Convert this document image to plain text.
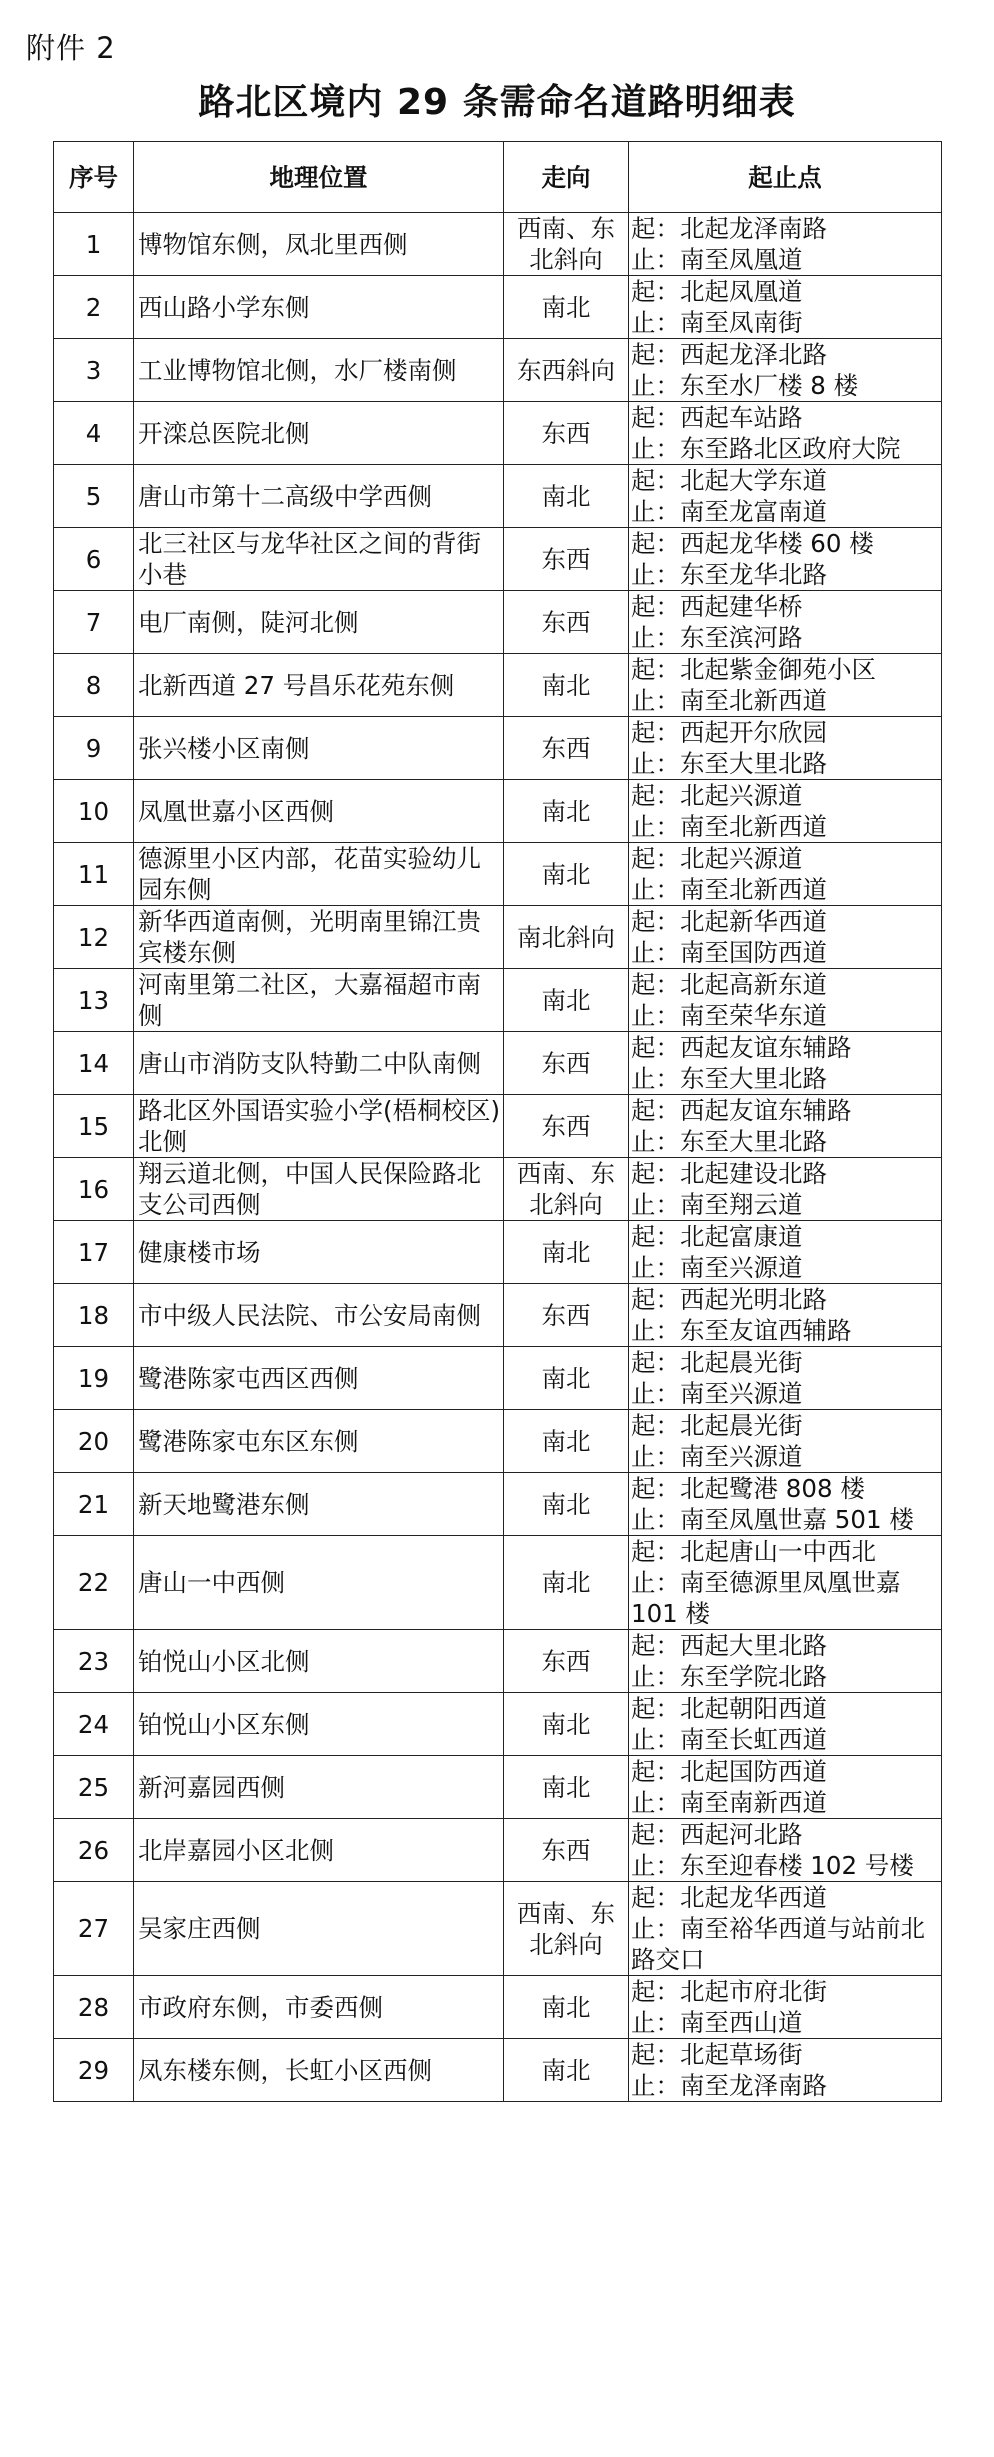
附件 2
路北区境内 29 条需命名道路明细表
序号	地理位置	走向	起止点
1	博物馆东侧，凤北里西侧	西南、东北斜向	起：北起龙泽南路
止：南至凤凰道

2	西山路小学东侧	南北	起：北起凤凰道
止：南至凤南街

3	工业博物馆北侧，水厂楼南侧	东西斜向	起：西起龙泽北路
止：东至水厂楼 8 楼

4	开滦总医院北侧	东西	起：西起车站路
止：东至路北区政府大院

5	唐山市第十二高级中学西侧	南北	起：北起大学东道
止：南至龙富南道

6	北三社区与龙华社区之间的背街小巷	东西	起：西起龙华楼 60 楼
止：东至龙华北路

7	电厂南侧，陡河北侧	东西	起：西起建华桥
止：东至滨河路

8	北新西道 27 号昌乐花苑东侧	南北	起：北起紫金御苑小区
止：南至北新西道

9	张兴楼小区南侧	东西	起：西起开尔欣园
止：东至大里北路

10	凤凰世嘉小区西侧	南北	起：北起兴源道
止：南至北新西道

11	德源里小区内部，花苗实验幼儿园东侧	南北	起：北起兴源道
止：南至北新西道

12	新华西道南侧，光明南里锦江贵宾楼东侧	南北斜向	起：北起新华西道
止：南至国防西道

13	河南里第二社区，大嘉福超市南侧	南北	起：北起高新东道
止：南至荣华东道

14	唐山市消防支队特勤二中队南侧	东西	起：西起友谊东辅路
止：东至大里北路

15	路北区外国语实验小学(梧桐校区)北侧	东西	起：西起友谊东辅路
止：东至大里北路

16	翔云道北侧，中国人民保险路北支公司西侧	西南、东北斜向	起：北起建设北路
止：南至翔云道

17	健康楼市场	南北	起：北起富康道
止：南至兴源道

18	市中级人民法院、市公安局南侧	东西	起：西起光明北路
止：东至友谊西辅路

19	鹭港陈家屯西区西侧	南北	起：北起晨光街
止：南至兴源道

20	鹭港陈家屯东区东侧	南北	起：北起晨光街
止：南至兴源道

21	新天地鹭港东侧	南北	起：北起鹭港 808 楼
止：南至凤凰世嘉 501 楼

22	唐山一中西侧	南北	起：北起唐山一中西北
止：南至德源里凤凰世嘉 101 楼

23	铂悦山小区北侧	东西	起：西起大里北路
止：东至学院北路

24	铂悦山小区东侧	南北	起：北起朝阳西道
止：南至长虹西道

25	新河嘉园西侧	南北	起：北起国防西道
止：南至南新西道

26	北岸嘉园小区北侧	东西	起：西起河北路
止：东至迎春楼 102 号楼

27	吴家庄西侧	西南、东北斜向	起：北起龙华西道
止：南至裕华西道与站前北路交口

28	市政府东侧，市委西侧	南北	起：北起市府北街
止：南至西山道

29	凤东楼东侧，长虹小区西侧	南北	起：北起草场街
止：南至龙泽南路
